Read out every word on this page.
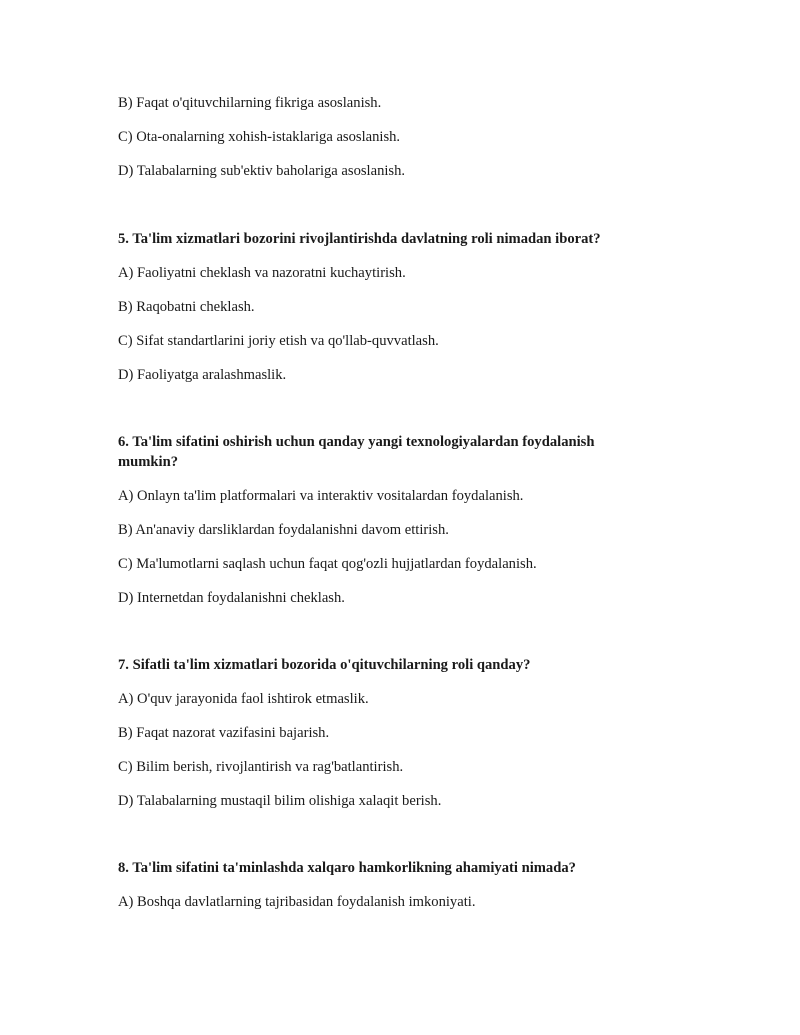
B) Faqat o'qituvchilarning fikriga asoslanish.
C) Ota-onalarning xohish-istaklariga asoslanish.
D) Talabalarning sub'ektiv baholariga asoslanish.
5. Ta'lim xizmatlari bozorini rivojlantirishda davlatning roli nimadan iborat?
A) Faoliyatni cheklash va nazoratni kuchaytirish.
B) Raqobatni cheklash.
C) Sifat standartlarini joriy etish va qo'llab-quvvatlash.
D) Faoliyatga aralashmaslik.
6. Ta'lim sifatini oshirish uchun qanday yangi texnologiyalardan foydalanish mumkin?
A) Onlayn ta'lim platformalari va interaktiv vositalardan foydalanish.
B) An'anaviy darsliklardan foydalanishni davom ettirish.
C) Ma'lumotlarni saqlash uchun faqat qog'ozli hujjatlardan foydalanish.
D) Internetdan foydalanishni cheklash.
7. Sifatli ta'lim xizmatlari bozorida o'qituvchilarning roli qanday?
A) O'quv jarayonida faol ishtirok etmaslik.
B) Faqat nazorat vazifasini bajarish.
C) Bilim berish, rivojlantirish va rag'batlantirish.
D) Talabalarning mustaqil bilim olishiga xalaqit berish.
8. Ta'lim sifatini ta'minlashda xalqaro hamkorlikning ahamiyati nimada?
A) Boshqa davlatlarning tajribasidan foydalanish imkoniyati.
